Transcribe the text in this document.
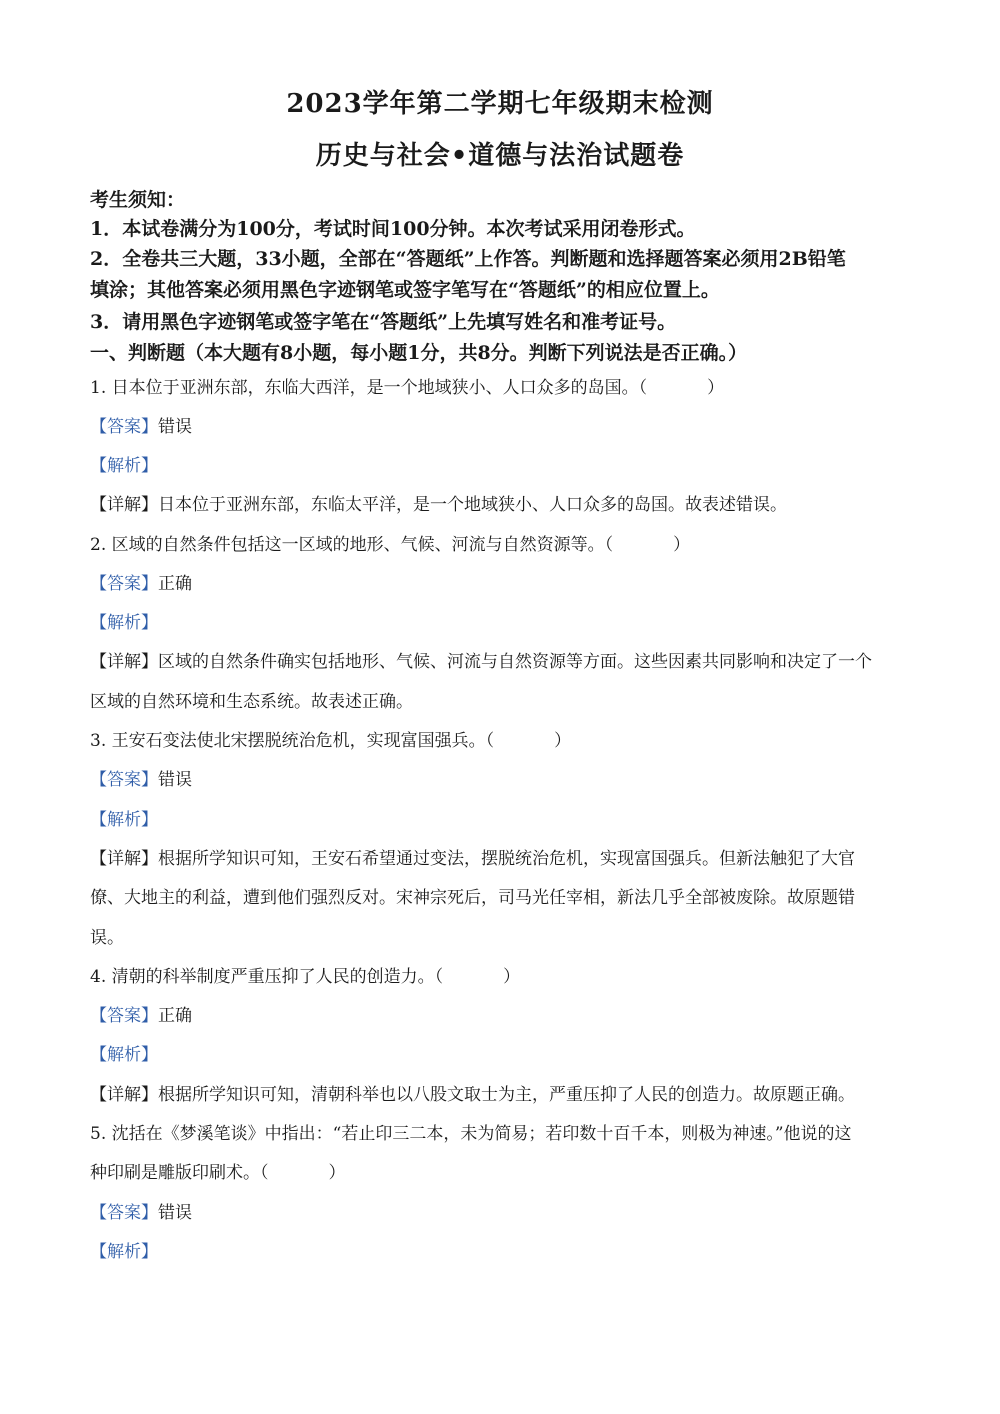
2023学年第二学期七年级期末检测
历史与社会•道德与法治试题卷
考生须知：
1．本试卷满分为100分，考试时间100分钟。本次考试采用闭卷形式。
2．全卷共三大题，33小题，全部在“答题纸”上作答。判断题和选择题答案必须用2B铅笔
填涂；其他答案必须用黑色字迹钢笔或签字笔写在“答题纸”的相应位置上。
3．请用黑色字迹钢笔或签字笔在“答题纸”上先填写姓名和准考证号。
一、判断题（本大题有8小题，每小题1分，共8分。判断下列说法是否正确。）
1. 日本位于亚洲东部，东临大西洋，是一个地域狭小、人口众多的岛国。（	）
【答案】错误
【解析】
【详解】日本位于亚洲东部，东临太平洋，是一个地域狭小、人口众多的岛国。故表述错误。
2. 区域的自然条件包括这一区域的地形、气候、河流与自然资源等。（	）
【答案】正确
【解析】
【详解】区域的自然条件确实包括地形、气候、河流与自然资源等方面。这些因素共同影响和决定了一个
区域的自然环境和生态系统。故表述正确。
3. 王安石变法使北宋摆脱统治危机，实现富国强兵。（	）
【答案】错误
【解析】
【详解】根据所学知识可知，王安石希望通过变法，摆脱统治危机，实现富国强兵。但新法触犯了大官
僚、大地主的利益，遭到他们强烈反对。宋神宗死后，司马光任宰相，新法几乎全部被废除。故原题错
误。
4. 清朝的科举制度严重压抑了人民的创造力。（	）
【答案】正确
【解析】
【详解】根据所学知识可知，清朝科举也以八股文取士为主，严重压抑了人民的创造力。故原题正确。
5. 沈括在《梦溪笔谈》中指出：“若止印三二本，未为简易；若印数十百千本，则极为神速。”他说的这
种印刷是雕版印刷术。（	）
【答案】错误
【解析】
